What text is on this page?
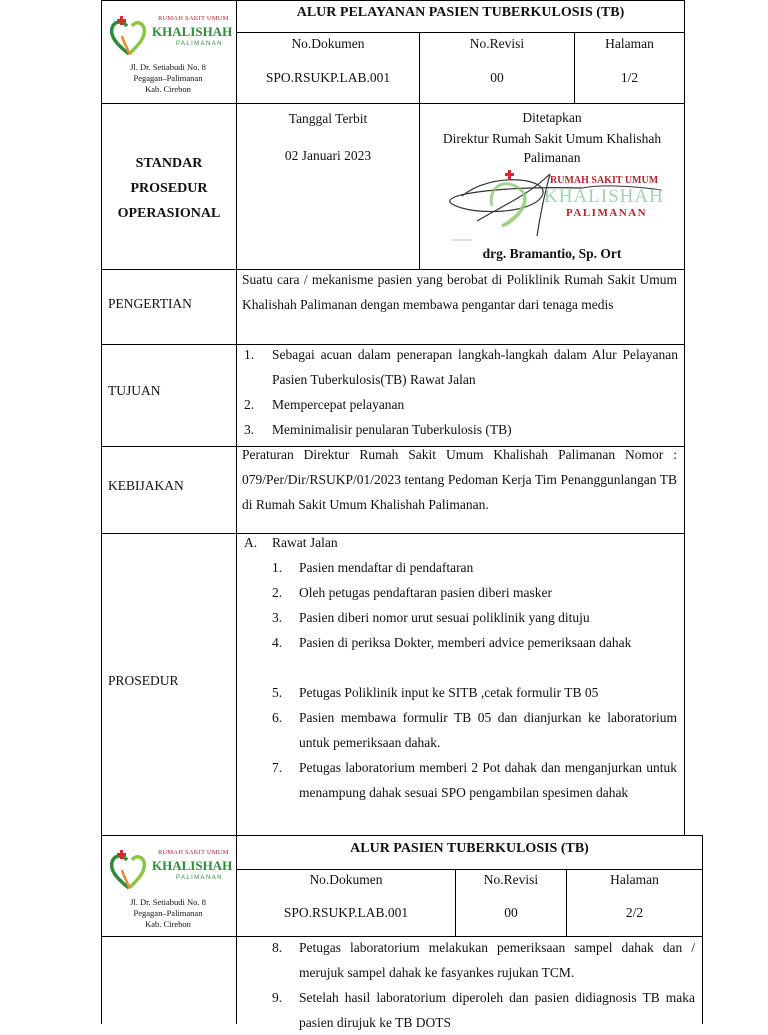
RUMAH SAKIT UMUM
KHALISHAH
PALIMANAN
Jl. Dr. Setiabudi No. 8
Pegagan–Palimanan
Kab. Cirebon
ALUR PELAYANAN PASIEN TUBERKULOSIS (TB)
No.Dokumen
SPO.RSUKP.LAB.001
No.Revisi
00
Halaman
1/2
STANDAR
PROSEDUR
OPERASIONAL
Tanggal Terbit
02 Januari 2023
Ditetapkan
Direktur Rumah Sakit Umum Khalishah Palimanan
RUMAH SAKIT UMUM
KHALISHAH
PALIMANAN
drg. Bramantio, Sp. Ort
PENGERTIAN
Suatu cara / mekanisme pasien yang berobat di Poliklinik Rumah Sakit Umum Khalishah Palimanan dengan membawa pengantar dari tenaga medis
TUJUAN
1. Sebagai acuan dalam penerapan langkah-langkah dalam Alur Pelayanan Pasien Tuberkulosis(TB) Rawat Jalan
2. Mempercepat pelayanan
3. Meminimalisir penularan Tuberkulosis (TB)
KEBIJAKAN
Peraturan Direktur Rumah Sakit Umum Khalishah Palimanan Nomor : 079/Per/Dir/RSUKP/01/2023 tentang Pedoman Kerja Tim Penanggunlangan TB di Rumah Sakit Umum Khalishah Palimanan.
PROSEDUR
A. Rawat Jalan
1. Pasien mendaftar di pendaftaran
2. Oleh petugas pendaftaran pasien diberi masker
3. Pasien diberi nomor urut sesuai poliklinik yang dituju
4. Pasien di periksa Dokter, memberi advice pemeriksaan dahak
5. Petugas Poliklinik input ke SITB ,cetak formulir TB 05
6. Pasien membawa formulir TB 05 dan dianjurkan ke laboratorium untuk pemeriksaan dahak.
7. Petugas laboratorium memberi 2 Pot dahak dan menganjurkan untuk menampung dahak sesuai SPO pengambilan spesimen dahak
RUMAH SAKIT UMUM
KHALISHAH
PALIMANAN
Jl. Dr. Setiabudi No. 8
Pegagan–Palimanan
Kab. Cirebon
ALUR PASIEN TUBERKULOSIS (TB)
No.Dokumen
SPO.RSUKP.LAB.001
No.Revisi
00
Halaman
2/2
8. Petugas laboratorium melakukan pemeriksaan sampel dahak dan / merujuk sampel dahak ke fasyankes rujukan TCM.
9. Setelah hasil laboratorium diperoleh dan pasien didiagnosis TB maka pasien dirujuk ke TB DOTS
